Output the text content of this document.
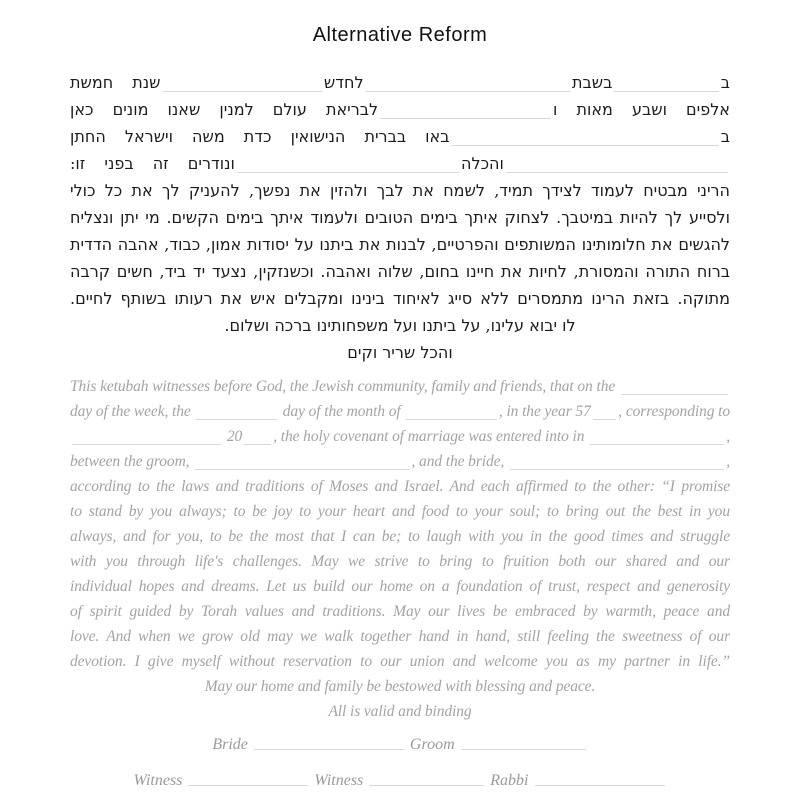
Alternative Reform
ב
בשבת
לחדש
שנת חמשת
אלפים ושבע מאות ו
לבריאת עולם למנין שאנו מונים כאן
ב
באו בברית הנישואין כדת משה וישראל החתן
והכלה
ונודרים זה בפני זו:
הריני מבטיח לעמוד לצידך תמיד, לשמח את לבך ולהזין את נפשך, להעניק לך את כל כולי
ולסייע לך להיות במיטבך. לצחוק איתך בימים הטובים ולעמוד איתך בימים הקשים. מי יתן ונצליח
להגשים את חלומותינו המשותפים והפרטיים, לבנות את ביתנו על יסודות אמון, כבוד, אהבה הדדית
ברוח התורה והמסורת, לחיות את חיינו בחום, שלוה ואהבה. וכשנזקין, נצעד יד ביד, חשים קרבה
מתוקה. בזאת הרינו מתמסרים ללא סייג לאיחוד בינינו ומקבלים איש את רעותו בשותף לחיים.
לו יבוא עלינו, על ביתנו ועל משפחותינו ברכה ושלום.
והכל שריר וקים
This ketubah witnesses before God, the Jewish community, family and friends, that on the
day of the week, the	day of the month of	, in the year 57 , corresponding to
20 , the holy covenant of marriage was entered into in	,
between the groom,	, and the bride,	,
according to the laws and traditions of Moses and Israel. And each affirmed to the other: “I promise
to stand by you always; to be joy to your heart and food to your soul; to bring out the best in you
always, and for you, to be the most that I can be; to laugh with you in the good times and struggle
with you through life's challenges. May we strive to bring to fruition both our shared and our
individual hopes and dreams. Let us build our home on a foundation of trust, respect and generosity
of spirit guided by Torah values and traditions. May our lives be embraced by warmth, peace and
love. And when we grow old may we walk together hand in hand, still feeling the sweetness of our
devotion. I give myself without reservation to our union and welcome you as my partner in life.”
May our home and family be bestowed with blessing and peace.
All is valid and binding
Bride	Groom
Witness	Witness	Rabbi
